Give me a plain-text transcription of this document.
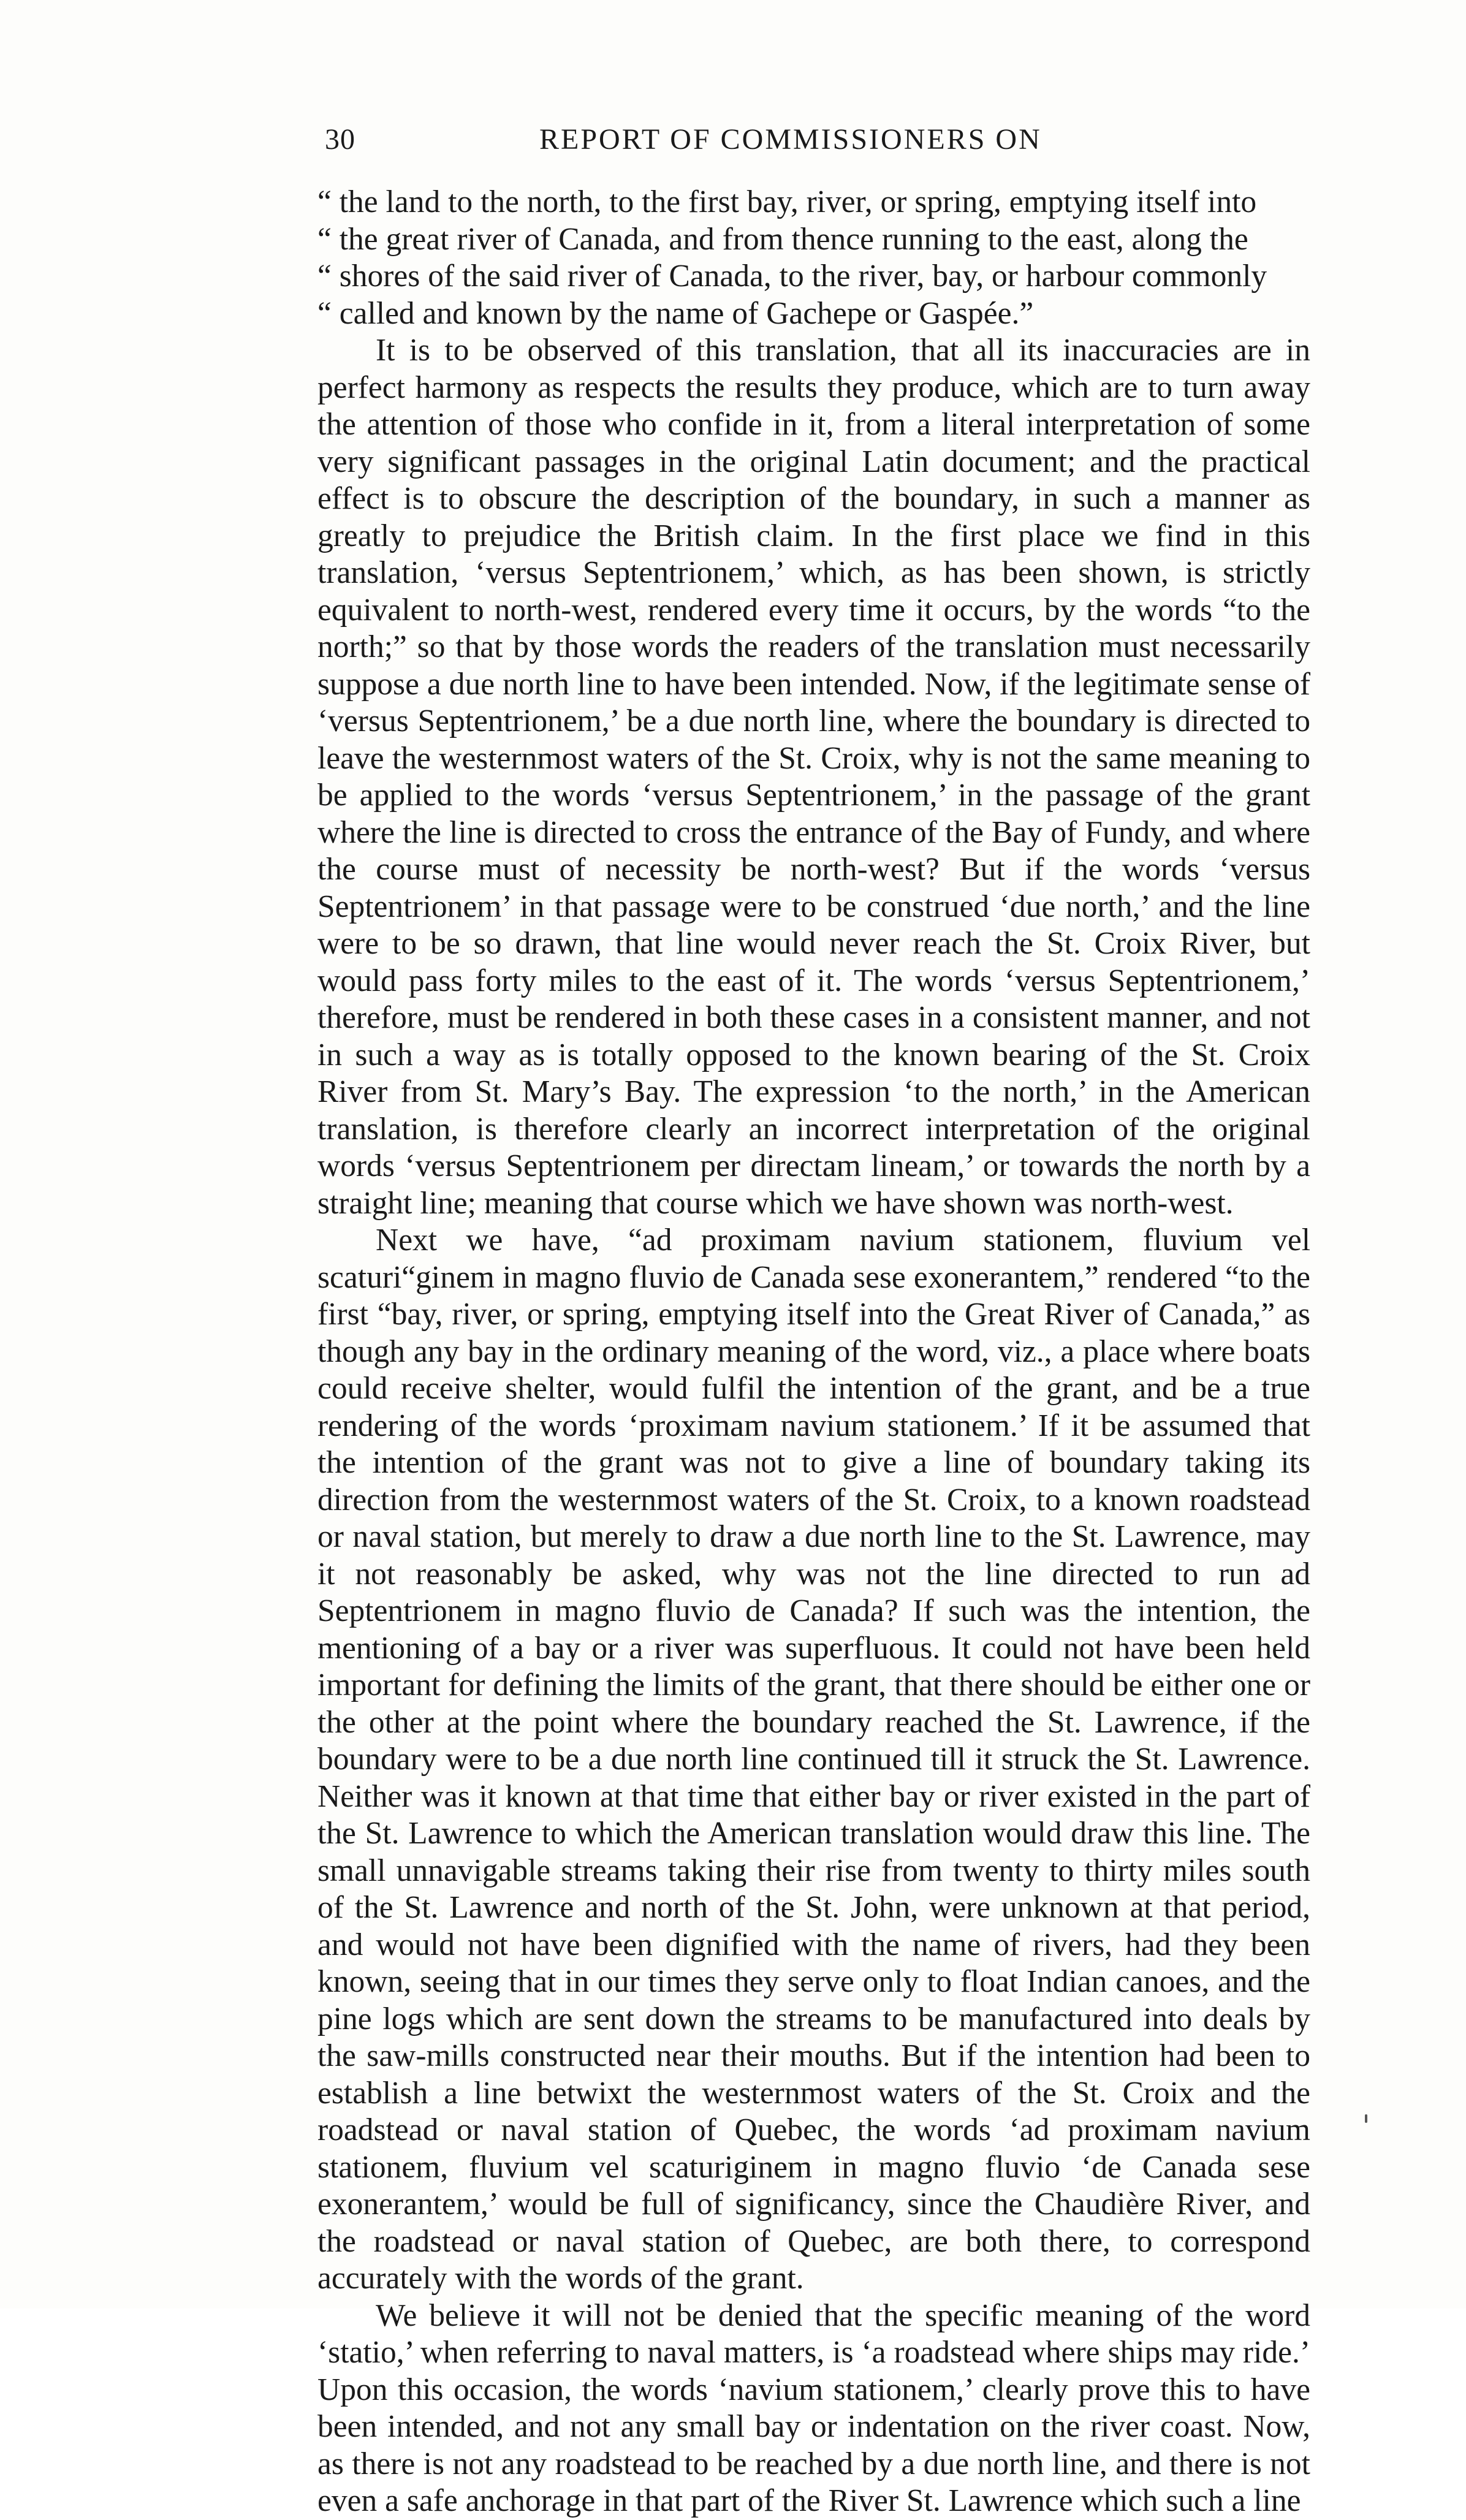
30	REPORT OF COMMISSIONERS ON

“ the land to the north, to the first bay, river, or spring, emptying itself into

“ the great river of Canada, and from thence running to the east, along the

“ shores of the said river of Canada, to the river, bay, or harbour commonly

“ called and known by the name of Gachepe or Gaspée.”

It is to be observed of this translation, that all its inaccuracies are in perfect harmony as respects the results they produce, which are to turn away the attention of those who confide in it, from a literal interpretation of some very significant passages in the original Latin document; and the practical effect is to obscure the description of the boundary, in such a manner as greatly to prejudice the British claim. In the first place we find in this translation, ‘versus Septentrionem,’ which, as has been shown, is strictly equivalent to north-west, rendered every time it occurs, by the words “to the north;” so that by those words the readers of the translation must necessarily suppose a due north line to have been intended. Now, if the legitimate sense of ‘versus Septentrionem,’ be a due north line, where the boundary is directed to leave the westernmost waters of the St. Croix, why is not the same meaning to be applied to the words ‘versus Septentrionem,’ in the passage of the grant where the line is directed to cross the entrance of the Bay of Fundy, and where the course must of necessity be north-west? But if the words ‘versus Septentrionem’ in that passage were to be construed ‘due north,’ and the line were to be so drawn, that line would never reach the St. Croix River, but would pass forty miles to the east of it. The words ‘versus Septentrionem,’ therefore, must be rendered in both these cases in a consistent manner, and not in such a way as is totally opposed to the known bearing of the St. Croix River from St. Mary’s Bay. The expression ‘to the north,’ in the American translation, is therefore clearly an incorrect interpretation of the original words ‘versus Septentrionem per directam lineam,’ or towards the north by a straight line; meaning that course which we have shown was north-west.

Next we have, “ad proximam navium stationem, fluvium vel scaturi“ginem in magno fluvio de Canada sese exonerantem,” rendered “to the first “bay, river, or spring, emptying itself into the Great River of Canada,” as though any bay in the ordinary meaning of the word, viz., a place where boats could receive shelter, would fulfil the intention of the grant, and be a true rendering of the words ‘proximam navium stationem.’ If it be assumed that the intention of the grant was not to give a line of boundary taking its direction from the westernmost waters of the St. Croix, to a known roadstead or naval station, but merely to draw a due north line to the St. Lawrence, may it not reasonably be asked, why was not the line directed to run ad Septentrionem in magno fluvio de Canada? If such was the intention, the mentioning of a bay or a river was superfluous. It could not have been held important for defining the limits of the grant, that there should be either one or the other at the point where the boundary reached the St. Lawrence, if the boundary were to be a due north line continued till it struck the St. Lawrence. Neither was it known at that time that either bay or river existed in the part of the St. Lawrence to which the American translation would draw this line. The small unnavigable streams taking their rise from twenty to thirty miles south of the St. Lawrence and north of the St. John, were unknown at that period, and would not have been dignified with the name of rivers, had they been known, seeing that in our times they serve only to float Indian canoes, and the pine logs which are sent down the streams to be manufactured into deals by the saw-mills constructed near their mouths. But if the intention had been to establish a line betwixt the westernmost waters of the St. Croix and the roadstead or naval station of Quebec, the words ‘ad proximam navium stationem, fluvium vel scaturiginem in magno fluvio ‘de Canada sese exonerantem,’ would be full of significancy, since the Chaudière River, and the roadstead or naval station of Quebec, are both there, to correspond accurately with the words of the grant.

We believe it will not be denied that the specific meaning of the word ‘statio,’ when referring to naval matters, is ‘a roadstead where ships may ride.’ Upon this occasion, the words ‘navium stationem,’ clearly prove this to have been intended, and not any small bay or indentation on the river coast. Now, as there is not any roadstead to be reached by a due north line, and there is not even a safe anchorage in that part of the River St. Lawrence which such a line
